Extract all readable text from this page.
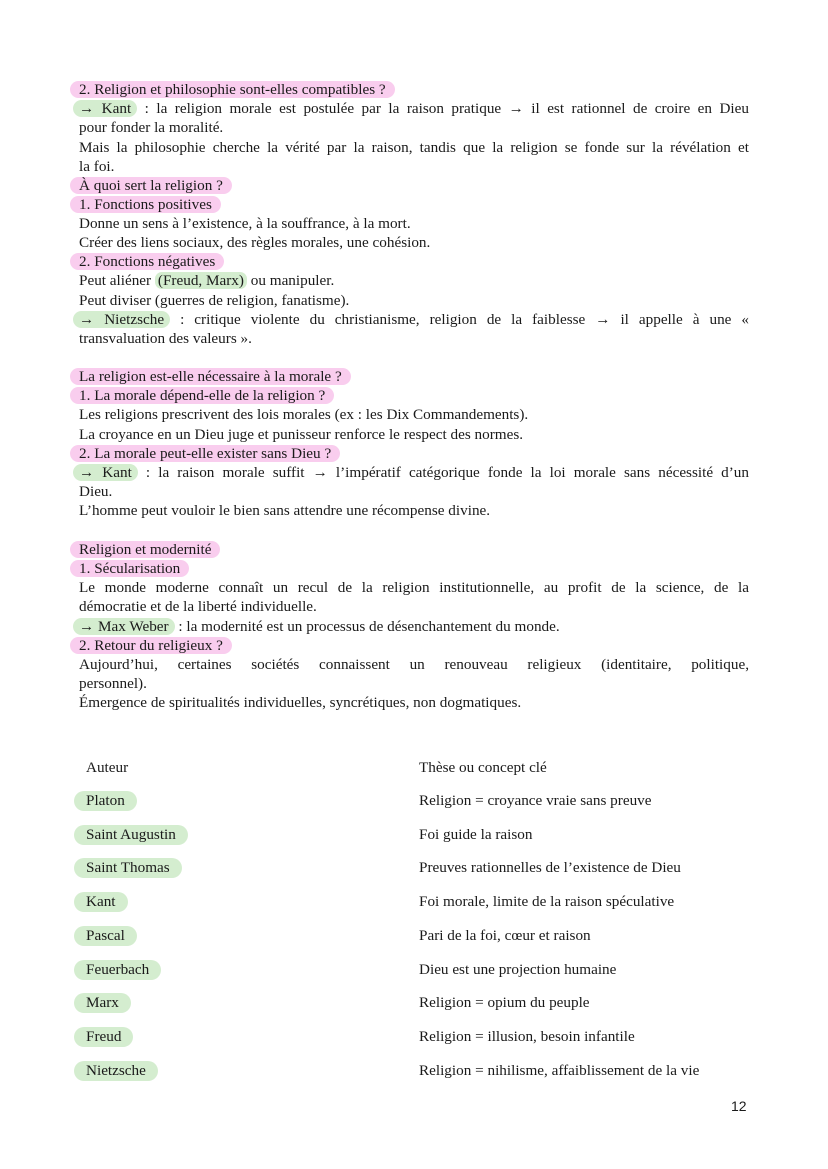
2. Religion et philosophie sont-elles compatibles ?
→ Kant : la religion morale est postulée par la raison pratique → il est rationnel de croire en Dieu
pour fonder la moralité.
Mais la philosophie cherche la vérité par la raison, tandis que la religion se fonde sur la révélation et
la foi.
À quoi sert la religion ?
1. Fonctions positives
Donne un sens à l’existence, à la souffrance, à la mort.
Créer des liens sociaux, des règles morales, une cohésion.
2. Fonctions négatives
Peut aliéner (Freud, Marx) ou manipuler.
Peut diviser (guerres de religion, fanatisme).
→ Nietzsche : critique violente du christianisme, religion de la faiblesse → il appelle à une «
transvaluation des valeurs ».
La religion est-elle nécessaire à la morale ?
1. La morale dépend-elle de la religion ?
Les religions prescrivent des lois morales (ex : les Dix Commandements).
La croyance en un Dieu juge et punisseur renforce le respect des normes.
2. La morale peut-elle exister sans Dieu ?
→ Kant : la raison morale suffit → l’impératif catégorique fonde la loi morale sans nécessité d’un
Dieu.
L’homme peut vouloir le bien sans attendre une récompense divine.
Religion et modernité
1. Sécularisation
Le monde moderne connaît un recul de la religion institutionnelle, au profit de la science, de la
démocratie et de la liberté individuelle.
→ Max Weber : la modernité est un processus de désenchantement du monde.
2. Retour du religieux ?
Aujourd’hui, certaines sociétés connaissent un renouveau religieux (identitaire, politique,
personnel).
Émergence de spiritualités individuelles, syncrétiques, non dogmatiques.
Auteur	Thèse ou concept clé
Platon	Religion = croyance vraie sans preuve
Saint Augustin	Foi guide la raison
Saint Thomas	Preuves rationnelles de l’existence de Dieu
Kant	Foi morale, limite de la raison spéculative
Pascal	Pari de la foi, cœur et raison
Feuerbach	Dieu est une projection humaine
Marx	Religion = opium du peuple
Freud	Religion = illusion, besoin infantile
Nietzsche	Religion = nihilisme, affaiblissement de la vie
12
